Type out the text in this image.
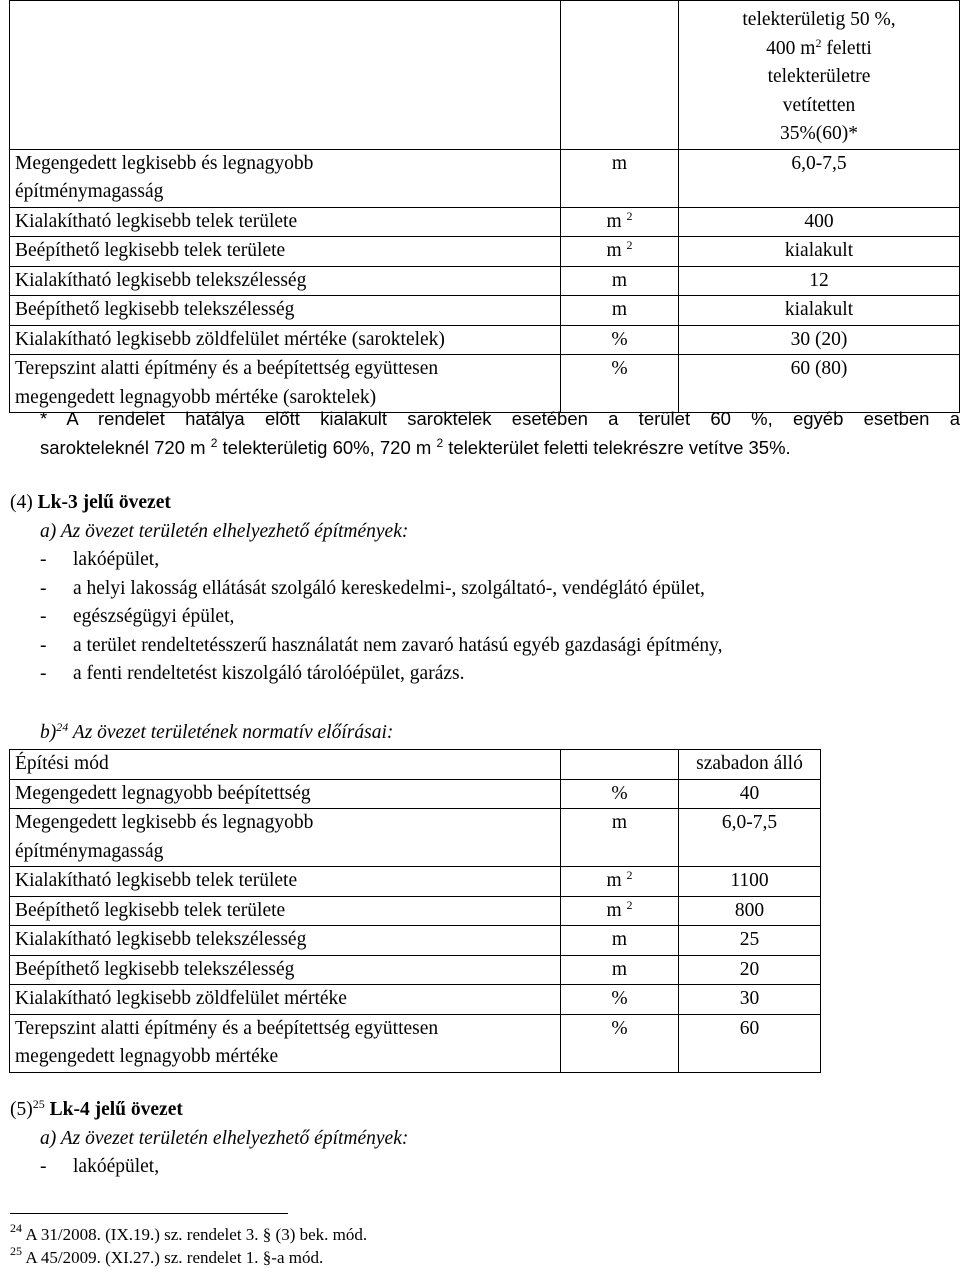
		telekterületig 50 %,
400 $m^2$ feletti
telekterületre
vetítetten
35%(60)*
Megengedett legkisebb és legnagyobb
építménymagasság	m	6,0-7,5
Kialakítható legkisebb telek területe	m $^2$	400
Beépíthető legkisebb telek területe	m $^2$	kialakult
Kialakítható legkisebb telekszélesség	m	12
Beépíthető legkisebb telekszélesség	m	kialakult
Kialakítható legkisebb zöldfelület mértéke (saroktelek)	%	30 (20)
Terepszint alatti építmény és a beépítettség együttesen
megengedett legnagyobb mértéke (saroktelek)	%	60 (80)
* A rendelet hatálya előtt kialakult saroktelek esetében a terület 60 %, egyéb esetben a
sarokteleknél 720 m $^2$ telekterületig 60%, 720 m $^2$ telekterület feletti telekrészre vetítve 35%.
(4) Lk-3 jelű övezet
a) Az övezet területén elhelyezhető építmények:
-	lakóépület,
-	a helyi lakosság ellátását szolgáló kereskedelmi-, szolgáltató-, vendéglátó épület,
-	egészségügyi épület,
-	a terület rendeltetésszerű használatát nem zavaró hatású egyéb gazdasági építmény,
-	a fenti rendeltetést kiszolgáló tárolóépület, garázs.
b)$^{24}$ Az övezet területének normatív előírásai:
Építési mód		szabadon álló
Megengedett legnagyobb beépítettség	%	40
Megengedett legkisebb és legnagyobb
építménymagasság	m	6,0-7,5
Kialakítható legkisebb telek területe	m $^2$	1100
Beépíthető legkisebb telek területe	m $^2$	800
Kialakítható legkisebb telekszélesség	m	25
Beépíthető legkisebb telekszélesség	m	20
Kialakítható legkisebb zöldfelület mértéke	%	30
Terepszint alatti építmény és a beépítettség együttesen
megengedett legnagyobb mértéke	%	60
$(5)^{25}$ Lk-4 jelű övezet
a) Az övezet területén elhelyezhető építmények:
-	lakóépület,
$^{24}$ A 31/2008. (IX.19.) sz. rendelet 3. § (3) bek. mód.
$^{25}$ A 45/2009. (XI.27.) sz. rendelet 1. §-a mód.
